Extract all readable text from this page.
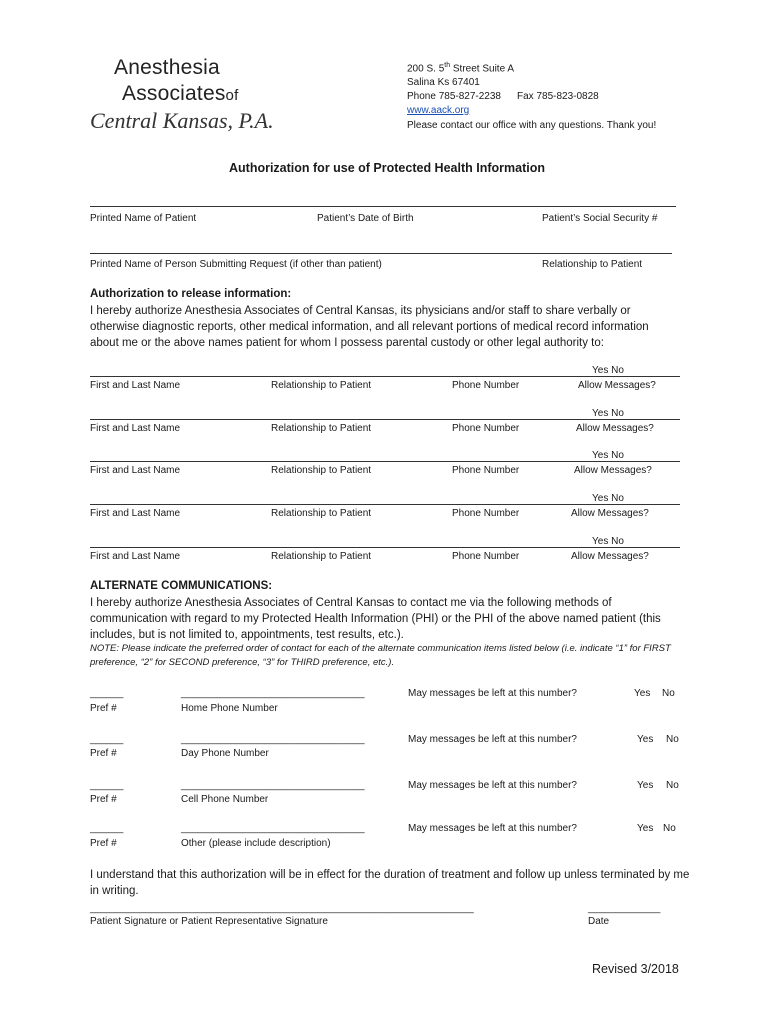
Anesthesia
Associatesof
Central Kansas, P.A.
200 S. 5th Street Suite A
Salina Ks 67401
Phone 785-827-2238 Fax 785-823-0828
www.aack.org
Please contact our office with any questions. Thank you!
Authorization for use of Protected Health Information
Printed Name of Patient	Patient’s Date of Birth	Patient’s Social Security #
Printed Name of Person Submitting Request (if other than patient)	Relationship to Patient
Authorization to release information:
I hereby authorize Anesthesia Associates of Central Kansas, its physicians and/or staff to share verbally or otherwise diagnostic reports, other medical information, and all relevant portions of medical record information about me or the above names patient for whom I possess parental custody or other legal authority to:
Yes No
First and Last Name	Relationship to Patient	Phone Number	Allow Messages?
Yes No
First and Last Name	Relationship to Patient	Phone Number	Allow Messages?
Yes No
First and Last Name	Relationship to Patient	Phone Number	Allow Messages?
Yes No
First and Last Name	Relationship to Patient	Phone Number	Allow Messages?
Yes No
First and Last Name	Relationship to Patient	Phone Number	Allow Messages?
ALTERNATE COMMUNICATIONS:
I hereby authorize Anesthesia Associates of Central Kansas to contact me via the following methods of communication with regard to my Protected Health Information (PHI) or the PHI of the above named patient (this includes, but is not limited to, appointments, test results, etc.).
NOTE: Please indicate the preferred order of contact for each of the alternate communication items listed below (i.e. indicate “1” for FIRST preference, “2” for SECOND preference, “3” for THIRD preference, etc.).
______	_________________________________	May messages be left at this number?	Yes No
Pref #	Home Phone Number
______	_________________________________	May messages be left at this number?	Yes No
Pref #	Day Phone Number
______	_________________________________	May messages be left at this number?	Yes No
Pref #	Cell Phone Number
______	_________________________________	May messages be left at this number?	Yes No
Pref #	Other (please include description)
I understand that this authorization will be in effect for the duration of treatment and follow up unless terminated by me in writing.
_____________________________________________________________________	_____________
Patient Signature or Patient Representative Signature	Date
Revised 3/2018
